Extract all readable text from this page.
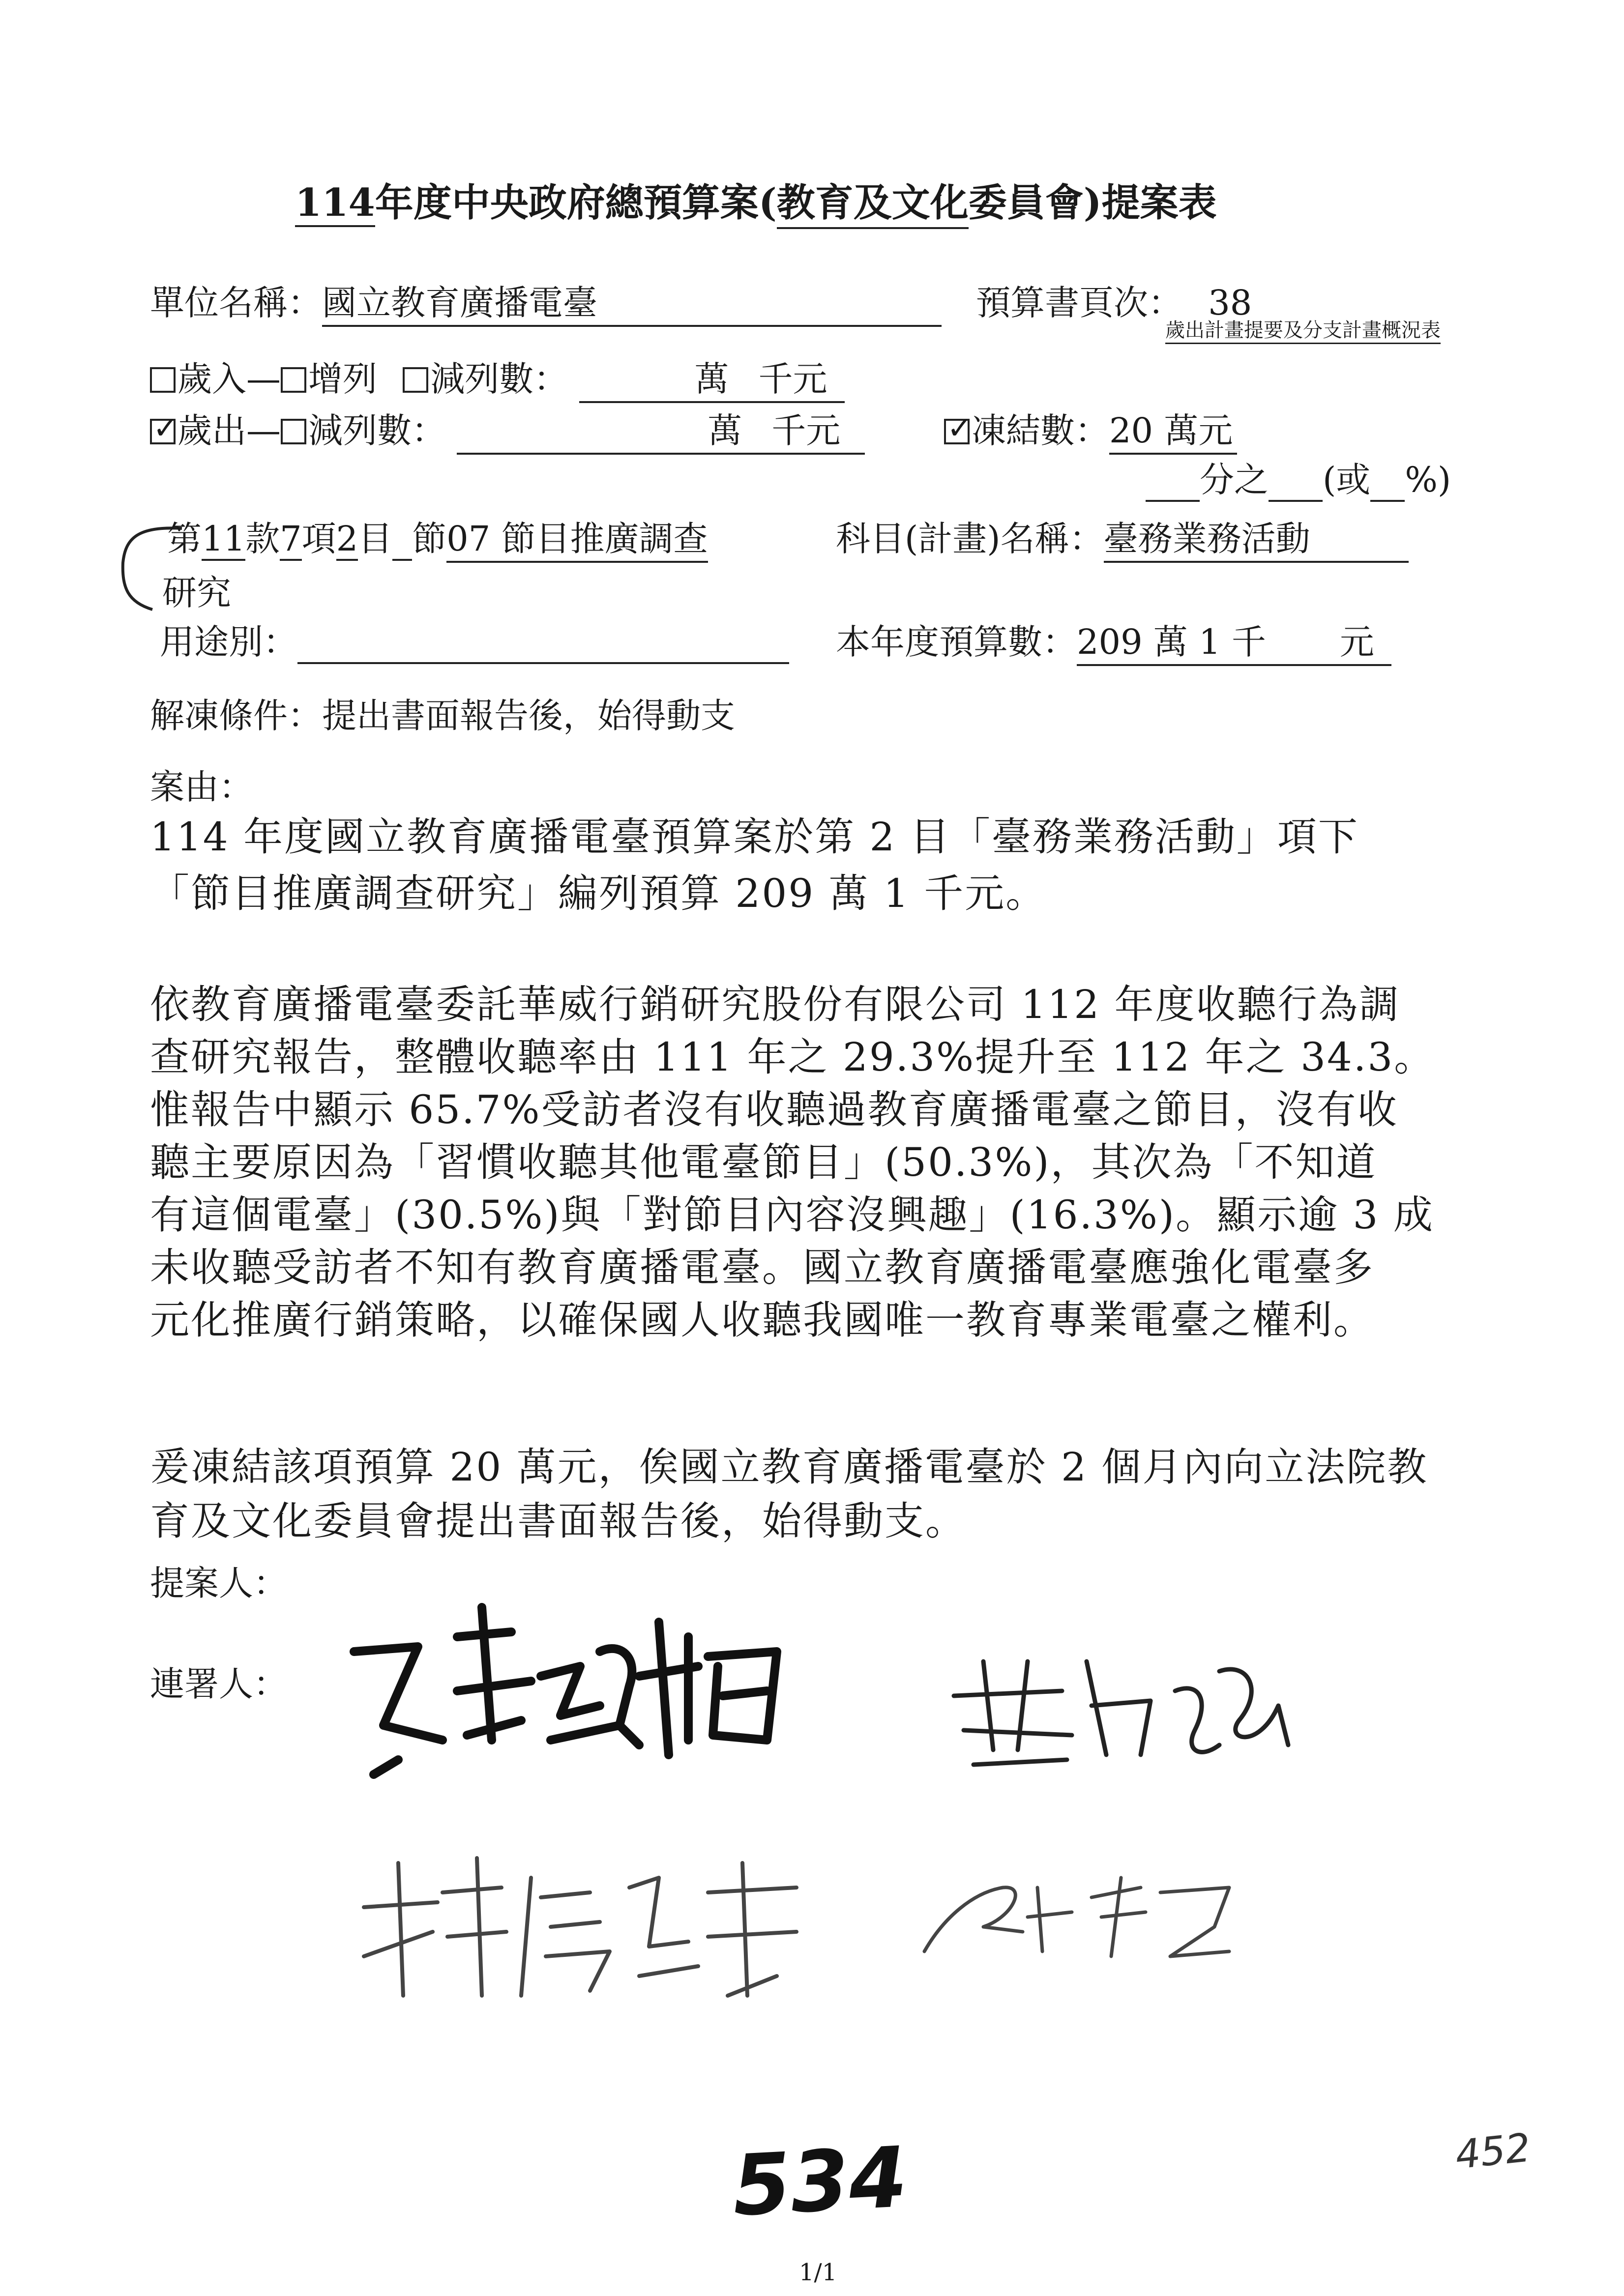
114年度中央政府總預算案(教育及文化委員會)提案表
單位名稱：國立教育廣播電臺	預算書頁次： 38
歲出計畫提要及分支計畫概況表
歲入— 增列 減列數：	萬 千元
✓歲出— 減列數：	萬 千元
✓	凍結數：20 萬元
分之 (或 %)
第11款7項2目 節07 節目推廣調查	科目(計畫)名稱：臺務業務活動
研究
用途別：	本年度預算數：209 萬 1 千 元
解凍條件：提出書面報告後，始得動支
案由：
114 年度國立教育廣播電臺預算案於第 2 目「臺務業務活動」項下
「節目推廣調查研究」編列預算 209 萬 1 千元。
依教育廣播電臺委託華威行銷研究股份有限公司 112 年度收聽行為調
查研究報告，整體收聽率由 111 年之 29.3%提升至 112 年之 34.3。
惟報告中顯示 65.7%受訪者沒有收聽過教育廣播電臺之節目，沒有收
聽主要原因為「習慣收聽其他電臺節目」(50.3%)，其次為「不知道
有這個電臺」(30.5%)與「對節目內容沒興趣」(16.3%)。顯示逾 3 成
未收聽受訪者不知有教育廣播電臺。國立教育廣播電臺應強化電臺多
元化推廣行銷策略，以確保國人收聽我國唯一教育專業電臺之權利。
爰凍結該項預算 20 萬元，俟國立教育廣播電臺於 2 個月內向立法院教
育及文化委員會提出書面報告後，始得動支。
提案人：
連署人：
534	452
1/1
